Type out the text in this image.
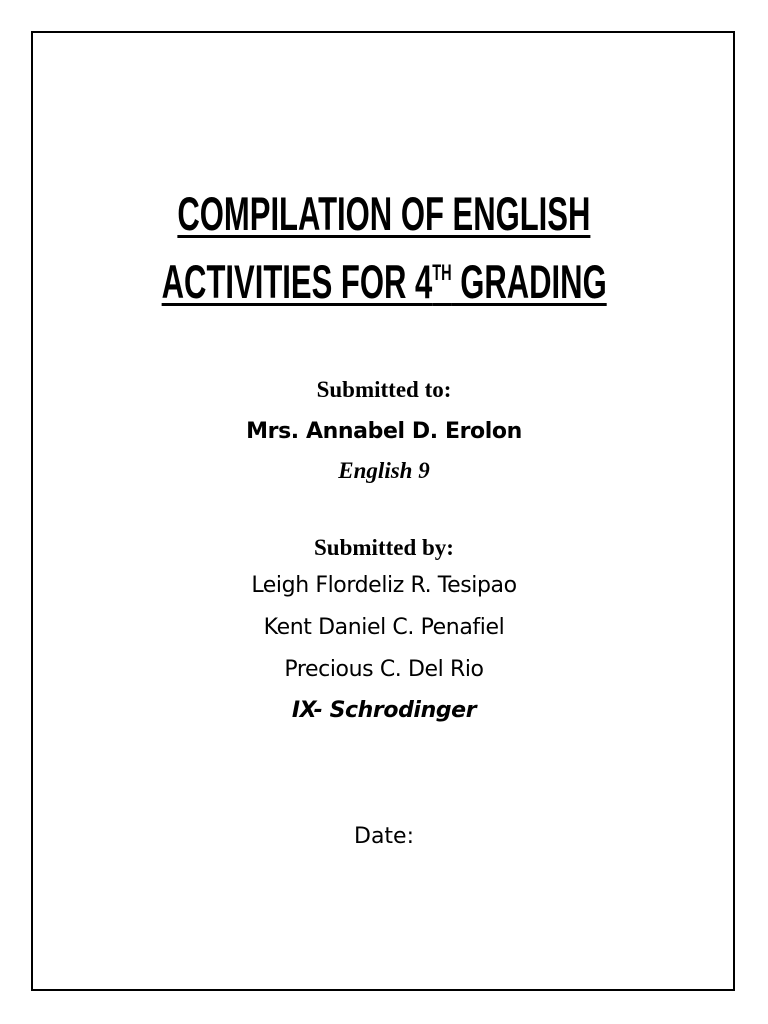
COMPILATION OF ENGLISH
ACTIVITIES FOR 4TH GRADING
Submitted to:
Mrs. Annabel D. Erolon
English 9
Submitted by:
Leigh Flordeliz R. Tesipao
Kent Daniel C. Penafiel
Precious C. Del Rio
IX- Schrodinger
Date:
